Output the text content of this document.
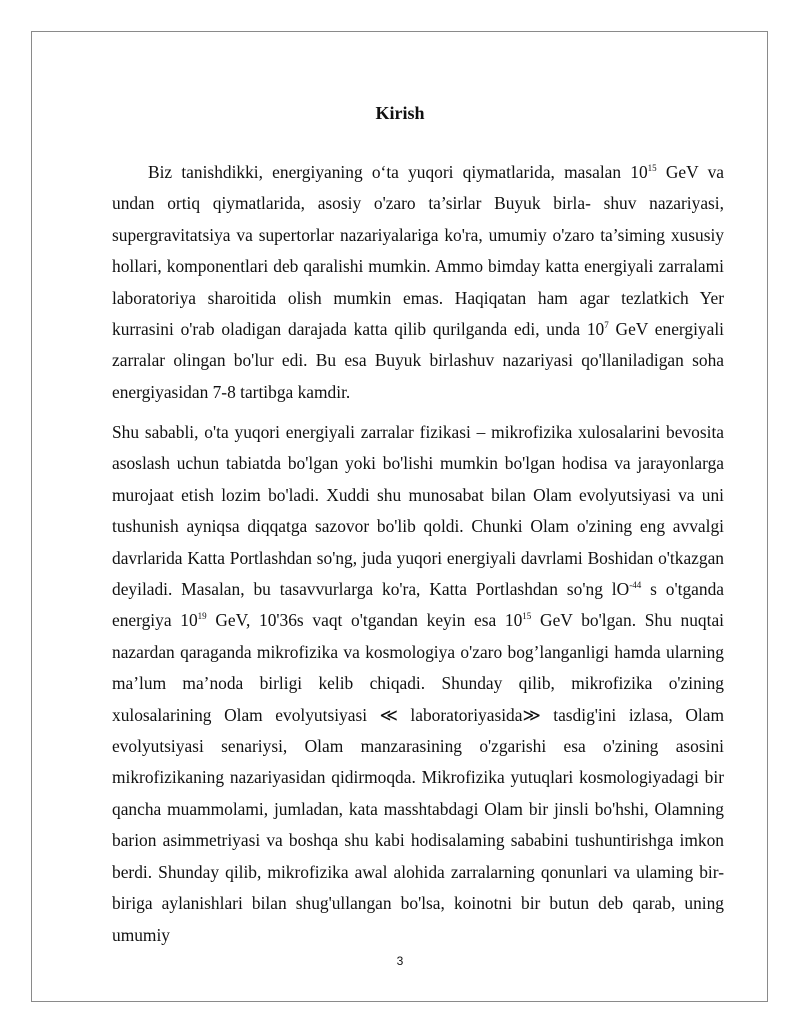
Kirish

Biz tanishdikki, energiyaning o‘ta yuqori qiymatlarida, masalan $10^{15}$ GeV va undan ortiq qiymatlarida, asosiy o'zaro ta’sirlar Buyuk birla- shuv nazariyasi, supergravitatsiya va supertorlar nazariyalariga ko'ra, umumiy o'zaro ta’siming xususiy hollari, komponentlari deb qaralishi mumkin. Ammo bimday katta energiyali zarralami laboratoriya sharoitida olish mumkin emas. Haqiqatan ham agar tezlatkich Yer kurrasini o'rab oladigan darajada katta qilib qurilganda edi, unda $10^7$ GeV energiyali zarralar olingan bo'lur edi. Bu esa Buyuk birlashuv nazariyasi qo'llaniladigan soha energiyasidan 7-8 tartibga kamdir.

Shu sababli, o'ta yuqori energiyali zarralar fizikasi – mikrofizika xulosalarini bevosita asoslash uchun tabiatda bo'lgan yoki bo'lishi mumkin bo'lgan hodisa va jarayonlarga murojaat etish lozim bo'ladi. Xuddi shu munosabat bilan Olam evolyutsiyasi va uni tushunish ayniqsa diqqatga sazovor bo'lib qoldi. Chunki Olam o'zining eng avvalgi davrlarida Katta Portlashdan so'ng, juda yuqori energiyali davrlami Boshidan o'tkazgan deyiladi. Masalan, bu tasavvurlarga ko'ra, Katta Portlashdan so'ng $lO^{-44}$ s o'tganda energiya $10^{19}$ GeV, 10'36s vaqt o'tgandan keyin esa $10^{15}$ GeV bo'lgan. Shu nuqtai nazardan qaraganda mikrofizika va kosmologiya o'zaro bog’langanligi hamda ularning ma’lum ma’noda birligi kelib chiqadi. Shunday qilib, mikrofizika o'zining xulosalarining Olam evolyutsiyasi ≪ laboratoriyasida≫ tasdig'ini izlasa, Olam evolyutsiyasi senariysi, Olam manzarasining o'zgarishi esa o'zining asosini mikrofizikaning nazariyasidan qidirmoqda. Mikrofizika yutuqlari kosmologiyadagi bir qancha muammolami, jumladan, kata masshtabdagi Olam bir jinsli bo'hshi, Olamning barion asimmetriyasi va boshqa shu kabi hodisalaming sababini tushuntirishga imkon berdi. Shunday qilib, mikrofizika awal alohida zarralarning qonunlari va ulaming bir-biriga aylanishlari bilan shug'ullangan bo'lsa, koinotni bir butun deb qarab, uning umumiy

3
